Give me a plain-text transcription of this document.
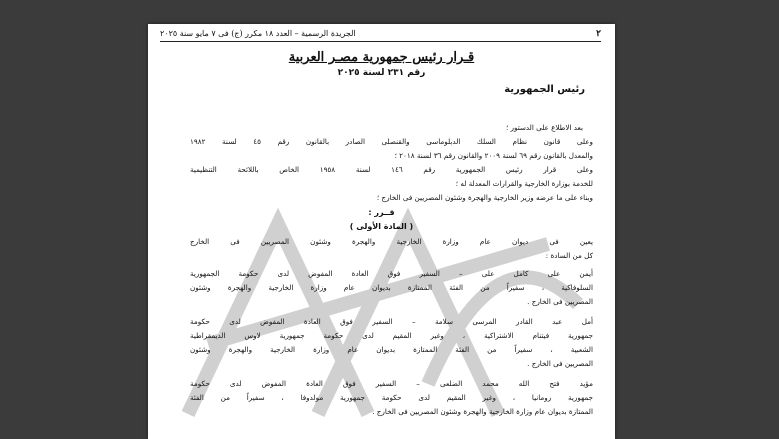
٢
الجريدة الرسمية – العدد ١٨ مكرر (ج) فى ٧ مايو سنة ٢٠٢٥
قـرار رئيس جمهورية مصـر العربية
رقم ٢٣١ لسنة ٢٠٢٥
رئيس الجمهورية
بعد الاطلاع على الدستور ؛
وعلى قانون نظام السلك الدبلوماسى والقنصلى الصادر بالقانون رقم ٤٥ لسنة ١٩٨٢
والمعدل بالقانون رقم ٦٩ لسنة ٢٠٠٩ والقانون رقم ٣٦ لسنة ٢٠١٨ ؛
وعلى قرار رئيس الجمهورية رقم ١٤٦ لسنة ١٩٥٨ الخاص باللائحة التنظيمية
للخدمة بوزارة الخارجية والقرارات المعدلة له ؛
وبناء على ما عرضه وزير الخارجية والهجرة وشئون المصريين فى الخارج ؛
قــرر :
( المادة الأولى )
يعين فى ديوان عام وزارة الخارجية والهجرة وشئون المصريين فى الخارج
كل من السادة :
أيمن على كامل على – السفير فوق العادة المفوض لدى حكومة الجمهورية
السلوفاكية ، سفيراً من الفئة الممتازة بديوان عام وزارة الخارجية والهجرة وشئون
المصريين فى الخارج .
أمل عبد القادر المرسى سلامة – السفير فوق العادة المفوض لدى حكومة
جمهورية فيتنام الاشتراكية ، وغير المقيم لدى حكومة جمهورية لاوس الديمقراطية
الشعبية ، سفيراً من الفئة الممتازة بديوان عام وزارة الخارجية والهجرة وشئون
المصريين فى الخارج .
مؤيد فتح الله محمد الضلعى – السفير فوق العادة المفوض لدى حكومة
جمهورية رومانيا ، وغير المقيم لدى حكومة جمهورية مولدوفا ، سفيراً من الفئة
الممتازة بديوان عام وزارة الخارجية والهجرة وشئون المصريين فى الخارج .
